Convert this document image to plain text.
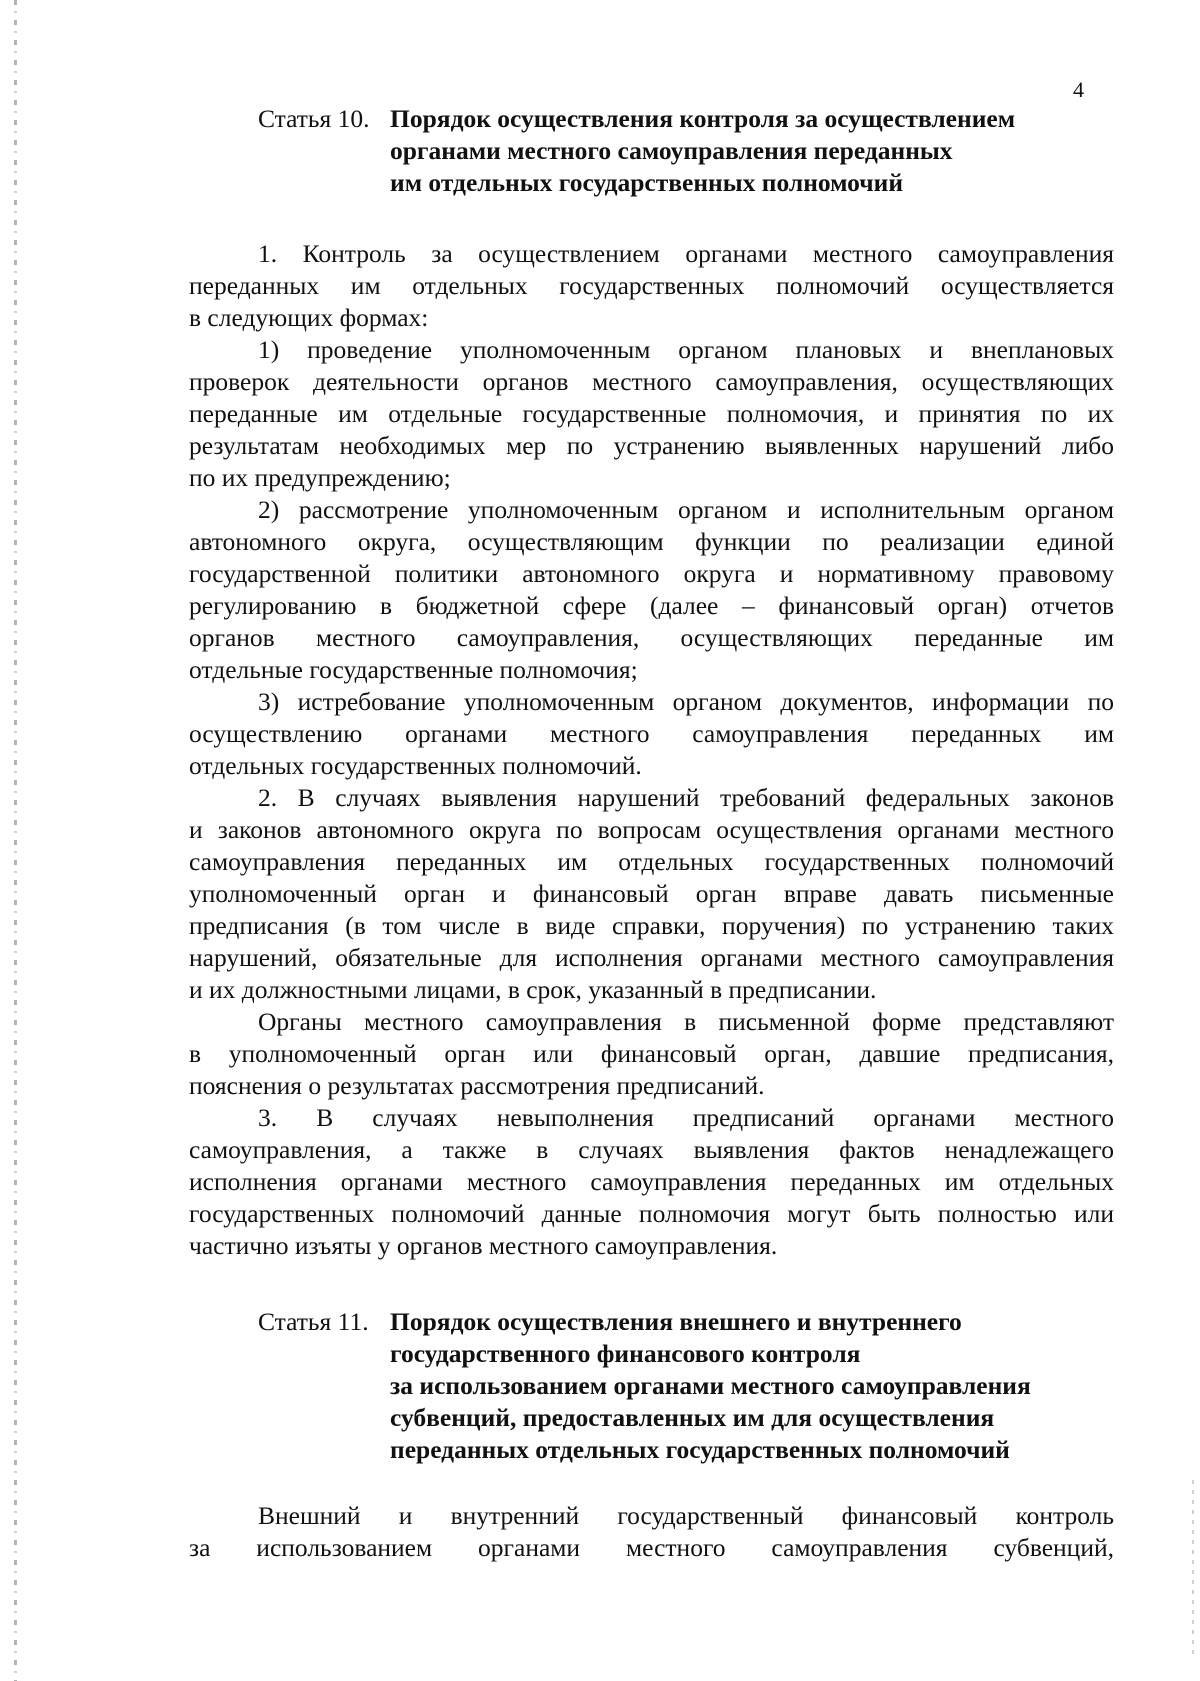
4
Статья 10. Порядок осуществления контроля за осуществлением
органами местного самоуправления переданных
им отдельных государственных полномочий

1. Контроль за осуществлением органами местного самоуправления

переданных им отдельных государственных полномочий осуществляется

в следующих формах:

1) проведение уполномоченным органом плановых и внеплановых

проверок деятельности органов местного самоуправления, осуществляющих

переданные им отдельные государственные полномочия, и принятия по их

результатам необходимых мер по устранению выявленных нарушений либо

по их предупреждению;

2) рассмотрение уполномоченным органом и исполнительным органом

автономного округа, осуществляющим функции по реализации единой

государственной политики автономного округа и нормативному правовому

регулированию в бюджетной сфере (далее – финансовый орган) отчетов

органов местного самоуправления, осуществляющих переданные им

отдельные государственные полномочия;

3) истребование уполномоченным органом документов, информации по

осуществлению органами местного самоуправления переданных им

отдельных государственных полномочий.

2. В случаях выявления нарушений требований федеральных законов

и законов автономного округа по вопросам осуществления органами местного

самоуправления переданных им отдельных государственных полномочий

уполномоченный орган и финансовый орган вправе давать письменные

предписания (в том числе в виде справки, поручения) по устранению таких

нарушений, обязательные для исполнения органами местного самоуправления

и их должностными лицами, в срок, указанный в предписании.

Органы местного самоуправления в письменной форме представляют

в уполномоченный орган или финансовый орган, давшие предписания,

пояснения о результатах рассмотрения предписаний.

3. В случаях невыполнения предписаний органами местного

самоуправления, а также в случаях выявления фактов ненадлежащего

исполнения органами местного самоуправления переданных им отдельных

государственных полномочий данные полномочия могут быть полностью или

частично изъяты у органов местного самоуправления.

Статья 11. Порядок осуществления внешнего и внутреннего
государственного финансового контроля
за использованием органами местного самоуправления
субвенций, предоставленных им для осуществления
переданных отдельных государственных полномочий

Внешний и внутренний государственный финансовый контроль

за использованием органами местного самоуправления субвенций,
